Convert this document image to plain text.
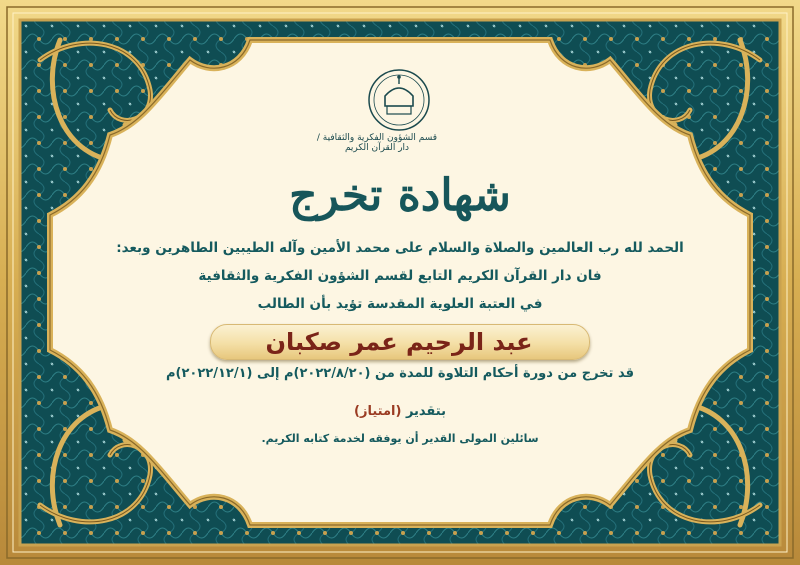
قسم الشؤون الفكرية والثقافية / دار القرآن الكريم
شهادة تخرج
الحمد لله رب العالمين والصلاة والسلام على محمد الأمين وآله الطيبين الطاهرين وبعد:
فان دار القرآن الكريم التابع لقسم الشؤون الفكرية والثقافية
في العتبة العلوية المقدسة تؤيد بأن الطالب
عبد الرحيم عمر صكبان
قد تخرج من دورة أحكام التلاوة للمدة من (٢٠٢٢/٨/٢٠)م إلى (٢٠٢٢/١٢/١)م
بتقدير (امتياز)
سائلين المولى القدير أن يوفقه لخدمة كتابه الكريم.
